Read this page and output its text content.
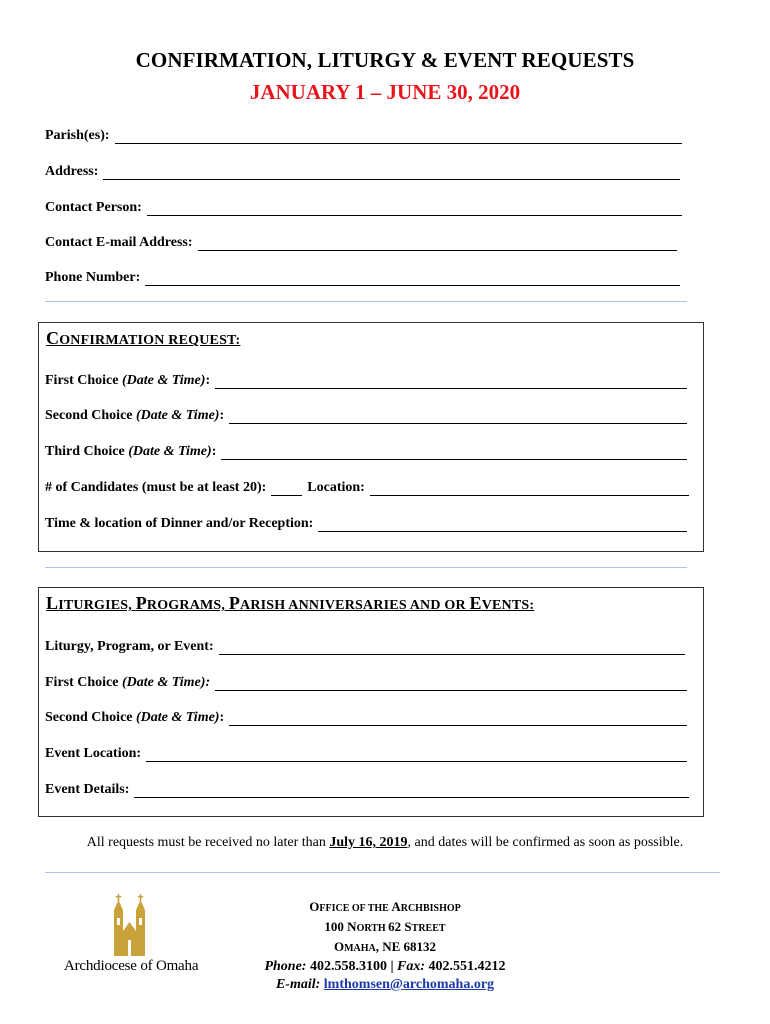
CONFIRMATION, LITURGY & EVENT REQUESTS
JANUARY 1 – JUNE 30, 2020
Parish(es):
Address:
Contact Person:
Contact E-mail Address:
Phone Number:
CONFIRMATION REQUEST:
First Choice (Date & Time):
Second Choice (Date & Time):
Third Choice (Date & Time):
# of Candidates (must be at least 20):	Location:
Time & location of Dinner and/or Reception:
LITURGIES, PROGRAMS, PARISH ANNIVERSARIES AND OR EVENTS:
Liturgy, Program, or Event:
First Choice (Date & Time):
Second Choice (Date & Time):
Event Location:
Event Details:
All requests must be received no later than July 16, 2019, and dates will be confirmed as soon as possible.
Archdiocese of Omaha
OFFICE OF THE ARCHBISHOP
100 NORTH 62 STREET
OMAHA, NE 68132
Phone: 402.558.3100 | Fax: 402.551.4212
E-mail: lmthomsen@archomaha.org
